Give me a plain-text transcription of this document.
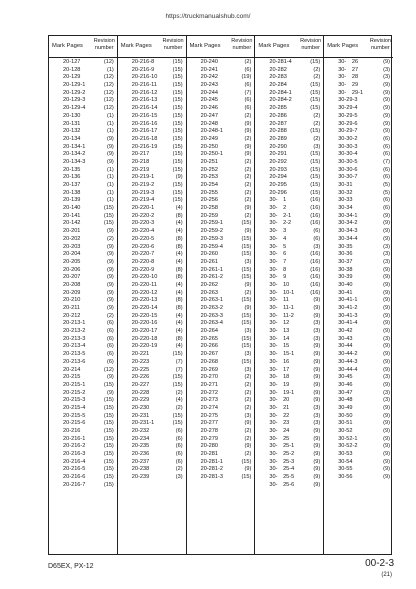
https://truckmanualshub.com/
Mark Pages
Revision
number
20-127	(12)
20-128	(1)
20-129	(12)
20-129-1	(12)
20-129-2	(12)
20-129-3	(12)
20-129-4	(12)
20-130	(1)
20-131	(1)
20-132	(1)
20-134	(9)
20-134-1	(9)
20-134-2	(9)
20-134-3	(9)
20-135	(1)
20-136	(1)
20-137	(1)
20-138	(1)
20-139	(1)
20-140	(15)
20-141	(15)
20-142	(15)
20-201	(9)
20-202	(2)
20-203	(9)
20-204	(9)
20-205	(9)
20-206	(9)
20-207	(9)
20-208	(9)
20-209	(9)
20-210	(9)
20-211	(9)
20-212	(2)
20-213-1	(6)
20-213-2	(6)
20-213-3	(6)
20-213-4	(6)
20-213-5	(6)
20-213-6	(6)
20-214	(12)
20-215	(9)
20-215-1	(15)
20-215-2	(9)
20-215-3	(15)
20-215-4	(15)
20-215-5	(15)
20-215-6	(15)
20-216	(15)
20-216-1	(15)
20-216-2	(15)
20-216-3	(15)
20-216-4	(15)
20-216-5	(15)
20-216-6	(15)
20-216-7	(15)
Mark Pages
Revision
number
20-216-8	(15)
20-216-9	(15)
20-216-10	(15)
20-216-11	(15)
20-216-12	(15)
20-216-13	(15)
20-216-14	(15)
20-216-15	(15)
20-216-16	(15)
20-216-17	(15)
20-216-18	(15)
20-216-19	(15)
20-217	(15)
20-218	(15)
20-219	(15)
20-219-1	(9)
20-219-2	(15)
20-219-3	(15)
20-219-4	(15)
20-220-1	(4)
20-220-2	(8)
20-220-3	(4)
20-220-4	(4)
20-220-5	(8)
20-220-6	(8)
20-220-7	(4)
20-220-8	(4)
20-220-9	(8)
20-220-10	(8)
20-220-11	(4)
20-220-12	(4)
20-220-13	(8)
20-220-14	(8)
20-220-15	(4)
20-220-16	(4)
20-220-17	(4)
20-220-18	(8)
20-220-19	(4)
20-221	(15)
20-223	(7)
20-225	(7)
20-226	(15)
20-227	(15)
20-228	(2)
20-229	(4)
20-230	(2)
20-231	(15)
20-231-1	(15)
20-232	(6)
20-234	(6)
20-235	(6)
20-236	(6)
20-237	(6)
20-238	(2)
20-239	(3)
Mark Pages
Revision
number
20-240	(2)
20-241	(6)
20-242	(19)
20-243	(6)
20-244	(7)
20-245	(6)
20-246	(6)
20-247	(2)
20-248	(9)
20-248-1	(9)
20-249	(2)
20-250	(9)
20-250-1	(9)
20-251	(2)
20-252	(2)
20-253	(2)
20-254	(2)
20-255	(2)
20-256	(2)
20-258	(9)
20-259	(2)
20-259-1	(15)
20-259-2	(9)
20-259-3	(15)
20-259-4	(15)
20-260	(15)
20-261	(3)
20-261-1	(15)
20-261-2	(15)
20-262	(9)
20-263	(2)
20-263-1	(15)
20-263-2	(9)
20-263-3	(15)
20-263-4	(15)
20-264	(3)
20-265	(15)
20-266	(15)
20-267	(3)
20-268	(15)
20-269	(3)
20-270	(2)
20-271	(2)
20-272	(2)
20-273	(2)
20-274	(2)
20-275	(3)
20-277	(9)
20-278	(2)
20-279	(2)
20-280	(9)
20-281	(2)
20-281-1	(15)
20-281-2	(9)
20-281-3	(15)
Mark Pages
Revision
number
20-281-4	(15)
20-282	(2)
20-283	(2)
20-284	(15)
20-284-1	(15)
20-284-2	(15)
20-285	(15)
20-286	(2)
20-287	(2)
20-288	(15)
20-289	(2)
20-290	(3)
20-291	(15)
20-292	(15)
20-293	(15)
20-294	(15)
20-295	(15)
20-296	(15)
30-　1	(16)
30-　2	(16)
30-　2-1	(16)
30-　2-2	(16)
30-　3	(6)
30-　4	(6)
30-　5	(3)
30-　6	(16)
30-　7	(16)
30-　8	(16)
30-　9	(16)
30-　10	(16)
30-　10-1	(16)
30-　11	(9)
30-　11-1	(9)
30-　11-2	(9)
30-　12	(3)
30-　13	(3)
30-　14	(3)
30-　15	(9)
30-　15-1	(9)
30-　16	(9)
30-　17	(9)
30-　18	(9)
30-　19	(9)
30-　19-1	(9)
30-　20	(9)
30-　21	(3)
30-　22	(3)
30-　23	(3)
30-　24	(9)
30-　25	(9)
30-　25-1	(9)
30-　25-2	(9)
30-　25-3	(9)
30-　25-4	(9)
30-　25-5	(9)
30-　25-6	(9)
Mark Pages
Revision
number
30-　26	(9)
30-　27	(3)
30-　28	(3)
30-　29	(9)
30-　29-1	(9)
30-29-3	(9)
30-29-4	(9)
30-29-5	(9)
30-29-6	(9)
30-29-7	(9)
30-30-2	(6)
30-30-3	(6)
30-30-4	(6)
30-30-5	(7)
30-30-6	(6)
30-30-7	(6)
30-31	(5)
30-32	(5)
30-33	(6)
30-34	(6)
30-34-1	(9)
30-34-2	(9)
30-34-3	(9)
30-34-4	(9)
30-35	(3)
30-36	(3)
30-37	(3)
30-38	(9)
30-39	(9)
30-40	(9)
30-41	(9)
30-41-1	(9)
30-41-2	(9)
30-41-3	(9)
30-41-4	(9)
30-42	(9)
30-43	(3)
30-44	(9)
30-44-2	(9)
30-44-3	(9)
30-44-4	(9)
30-45	(3)
30-46	(9)
30-47	(3)
30-48	(3)
30-49	(9)
30-50	(9)
30-51	(9)
30-52	(9)
30-52-1	(9)
30-52-2	(9)
30-53	(9)
30-54	(9)
30-55	(9)
30-56	(9)
D65EX, PX-12	00-2-3
(21)
